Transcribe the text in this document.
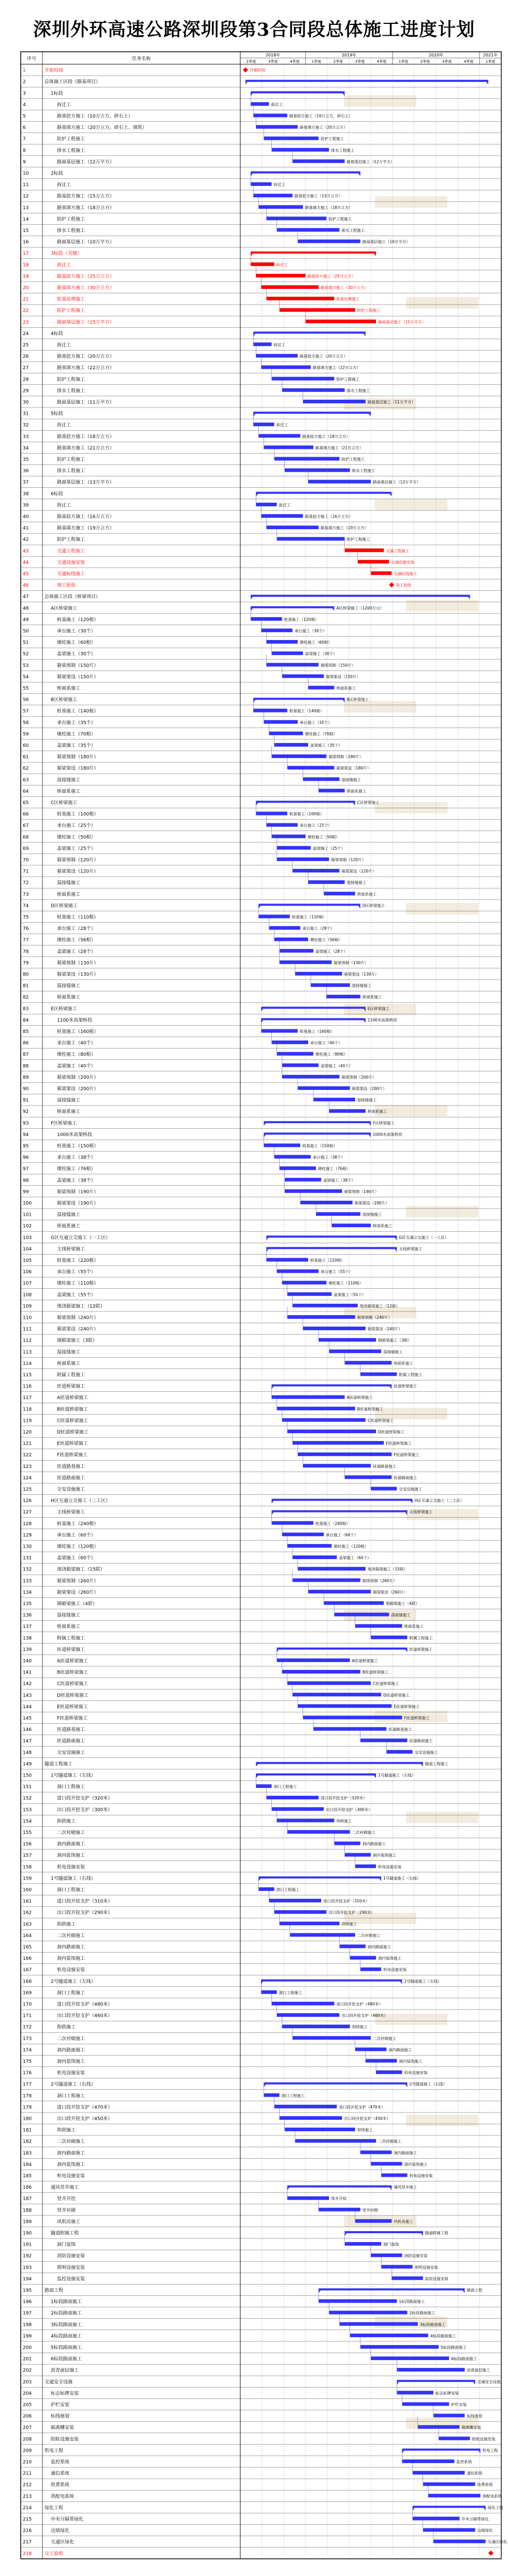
深圳外环高速公路深圳段第3合同段总体施工进度计划
序号	任务名称
2018年	2019年	2020年	2021年
2季度	3季度	4季度	1季度	2季度	3季度	4季度	1季度	2季度	3季度	4季度	1季度
1	开始时间	开始时间
2	总体施工区段（路基项目）
3	1标段
4	拆迁工	拆迁工
5	路基挖方施工（10万立方，碎石土）	路基挖方施工（10万立方，碎石土）
6	路基填方施工（20万立方，碎石土、填筑）	路基填方施工（20万立方）
7	防护工程施工	防护工程施工
8	排水工程施工	排水工程施工
9	路面基层施工（12万平方）	路面基层施工（12万平方）
10	2标段
11	拆迁工	拆迁工
12	路基挖方施工（15万立方）	路基挖方施工（15万立方）
13	路基填方施工（18万立方）	路基填方施工（18万立方）
14	防护工程施工	防护工程施工
15	排水工程施工	排水工程施工
16	路面基层施工（10万平方）	路面基层施工（10万平方）
17	3标段（关键）
18	拆迁工	拆迁工
19	路基挖方施工（25万立方）	路基挖方施工（25万立方）
20	路基填方施工（30万立方）	路基填方施工（30万立方）
21	软基处理施工	软基处理施工
22	防护工程施工	防护工程施工
23	路面基层施工（15万平方）	路面基层施工（15万平方）
24	4标段
25	拆迁工	拆迁工
26	路基挖方施工（20万立方）	路基挖方施工（20万立方）
27	路基填方施工（22万立方）	路基填方施工（22万立方）
28	防护工程施工	防护工程施工
29	排水工程施工	排水工程施工
30	路面基层施工（11万平方）	路面基层施工（11万平方）
31	5标段
32	拆迁工	拆迁工
33	路基挖方施工（18万立方）	路基挖方施工（18万立方）
34	路基填方施工（21万立方）	路基填方施工（21万立方）
35	防护工程施工	防护工程施工
36	排水工程施工	排水工程施工
37	路面基层施工（13万平方）	路面基层施工（13万平方）
38	6标段
39	拆迁工	拆迁工
40	路基挖方施工（16万立方）	路基挖方施工（16万立方）
41	路基填方施工（19万立方）	路基填方施工（19万立方）
42	防护工程施工	防护工程施工
43	交通工程施工	交通工程施工
44	交通设施安装	交通设施安装
45	交通标线施工	交通标线施工
46	竣工验收	竣工验收
47	总体施工区段（桥梁项目）
48	A区桥梁施工	A区桥梁施工（1200万元）
49	桩基施工（120根）	桩基施工（120根）
50	承台施工（30个）	承台施工（30个）
51	墩柱施工（60根）	墩柱施工（60根）
52	盖梁施工（30个）	盖梁施工（30个）
53	箱梁预制（150片）	箱梁预制（150片）
54	箱梁架设（150片）	箱梁架设（150片）
55	桥面系施工	桥面系施工
56	B区桥梁施工	B区桥梁施工
57	桩基施工（140根）	桩基施工（140根）
58	承台施工（35个）	承台施工（35个）
59	墩柱施工（70根）	墩柱施工（70根）
60	盖梁施工（35个）	盖梁施工（35个）
61	箱梁预制（180片）	箱梁预制（180片）
62	箱梁架设（180片）	箱梁架设（180片）
63	湿接缝施工	湿接缝施工
64	桥面系施工	桥面系施工
65	C区桥梁施工	C区桥梁施工
66	桩基施工（100根）	桩基施工（100根）
67	承台施工（25个）	承台施工（25个）
68	墩柱施工（50根）	墩柱施工（50根）
69	盖梁施工（25个）	盖梁施工（25个）
70	箱梁预制（120片）	箱梁预制（120片）
71	箱梁架设（120片）	箱梁架设（120片）
72	湿接缝施工	湿接缝施工
73	桥面系施工	桥面系施工
74	D区桥梁施工	D区桥梁施工
75	桩基施工（110根）	桩基施工（110根）
76	承台施工（28个）	承台施工（28个）
77	墩柱施工（56根）	墩柱施工（56根）
78	盖梁施工（28个）	盖梁施工（28个）
79	箱梁预制（130片）	箱梁预制（130片）
80	箱梁架设（130片）	箱梁架设（130片）
81	湿接缝施工	湿接缝施工
82	桥面系施工	桥面系施工
83	E区桥梁施工	E区桥梁施工
84	1100米高架桥段	1100米高架桥段
85	桩基施工（160根）	桩基施工（160根）
86	承台施工（40个）	承台施工（40个）
87	墩柱施工（80根）	墩柱施工（80根）
88	盖梁施工（40个）	盖梁施工（40个）
89	箱梁预制（200片）	箱梁预制（200片）
90	箱梁架设（200片）	箱梁架设（200片）
91	湿接缝施工	湿接缝施工
92	桥面系施工	桥面系施工
93	F区桥梁施工	F区桥梁施工
94	1000米高架桥段	1000米高架桥段
95	桩基施工（150根）	桩基施工（150根）
96	承台施工（38个）	承台施工（38个）
97	墩柱施工（76根）	墩柱施工（76根）
98	盖梁施工（38个）	盖梁施工（38个）
99	箱梁预制（190片）	箱梁预制（190片）
100	箱梁架设（190片）	箱梁架设（190片）
101	湿接缝施工	湿接缝施工
102	桥面系施工	桥面系施工
103	G区互通立交施工（一工区）	G区互通立交施工（一工区）
104	主线桥梁施工	主线桥梁施工
105	桩基施工（220根）	桩基施工（220根）
106	承台施工（55个）	承台施工（55个）
107	墩柱施工（110根）	墩柱施工（110根）
108	盖梁施工（55个）	盖梁施工（55个）
109	现浇箱梁施工（12联）	现浇箱梁施工（12联）
110	箱梁预制（240片）	箱梁预制（240片）
111	箱梁架设（240片）	箱梁架设（240片）
112	钢箱梁施工（3联）	钢箱梁施工（3联）
113	湿接缝施工	湿接缝施工
114	桥面系施工	桥面系施工
115	附属工程施工	附属工程施工
116	匝道桥梁施工	匝道桥梁施工
117	A匝道桥梁施工	A匝道桥梁施工
118	B匝道桥梁施工	B匝道桥梁施工
119	C匝道桥梁施工	C匝道桥梁施工
120	D匝道桥梁施工	D匝道桥梁施工
121	E匝道桥梁施工	E匝道桥梁施工
122	F匝道桥梁施工	F匝道桥梁施工
123	匝道路基施工	匝道路基施工
124	匝道路面施工	匝道路面施工
125	交安设施施工	交安设施施工
126	H区互通立交施工（二工区）	H区互通立交施工（二工区）
127	主线桥梁施工	主线桥梁施工
128	桩基施工（240根）	桩基施工（240根）
129	承台施工（60个）	承台施工（60个）
130	墩柱施工（120根）	墩柱施工（120根）
131	盖梁施工（60个）	盖梁施工（60个）
132	现浇箱梁施工（15联）	现浇箱梁施工（15联）
133	箱梁预制（260片）	箱梁预制（260片）
134	箱梁架设（260片）	箱梁架设（260片）
135	钢箱梁施工（4联）	钢箱梁施工（4联）
136	湿接缝施工	湿接缝施工
137	桥面系施工	桥面系施工
138	附属工程施工	附属工程施工
139	匝道桥梁施工	匝道桥梁施工
140	A匝道桥梁施工	A匝道桥梁施工
141	B匝道桥梁施工	B匝道桥梁施工
142	C匝道桥梁施工	C匝道桥梁施工
143	D匝道桥梁施工	D匝道桥梁施工
144	E匝道桥梁施工	E匝道桥梁施工
145	F匝道桥梁施工	F匝道桥梁施工
146	匝道路基施工	匝道路基施工
147	匝道路面施工	匝道路面施工
148	交安设施施工	交安设施施工
149	隧道工程施工	隧道工程施工
150	1号隧道施工（左线）	1号隧道施工（左线）
151	洞口工程施工	洞口工程施工
152	进口段开挖支护（320米）	进口段开挖支护（320米）
153	出口段开挖支护（300米）	出口段开挖支护（300米）
154	仰拱施工	仰拱施工
155	二次衬砌施工	二次衬砌施工
156	洞内路面施工	洞内路面施工
157	洞内装饰施工	洞内装饰施工
158	机电设施安装	机电设施安装
159	1号隧道施工（右线）	1号隧道施工（右线）
160	洞口工程施工	洞口工程施工
161	进口段开挖支护（310米）	进口段开挖支护（310米）
162	出口段开挖支护（290米）	出口段开挖支护（290米）
163	仰拱施工	仰拱施工
164	二次衬砌施工	二次衬砌施工
165	洞内路面施工	洞内路面施工
166	洞内装饰施工	洞内装饰施工
167	机电设施安装	机电设施安装
168	2号隧道施工（左线）	2号隧道施工（左线）
169	洞口工程施工	洞口工程施工
170	进口段开挖支护（480米）	进口段开挖支护（480米）
171	出口段开挖支护（460米）	出口段开挖支护（460米）
172	仰拱施工	仰拱施工
173	二次衬砌施工	二次衬砌施工
174	洞内路面施工	洞内路面施工
175	洞内装饰施工	洞内装饰施工
176	机电设施安装	机电设施安装
177	2号隧道施工（右线）	2号隧道施工（右线）
178	洞口工程施工	洞口工程施工
179	进口段开挖支护（470米）	进口段开挖支护（470米）
180	出口段开挖支护（450米）	出口段开挖支护（450米）
181	仰拱施工	仰拱施工
182	二次衬砌施工	二次衬砌施工
183	洞内路面施工	洞内路面施工
184	洞内装饰施工	洞内装饰施工
185	机电设施安装	机电设施安装
186	通风竖井施工	通风竖井施工
187	竖井开挖	竖井开挖
188	竖井衬砌	竖井衬砌
189	风机房施工	风机房施工
190	隧道附属工程	隧道附属工程
191	洞门装饰	洞门装饰
192	消防设施安装	消防设施安装
193	照明设施安装	照明设施安装
194	监控设施安装	监控设施安装
195	路面工程	路面工程
196	1标段路面施工	1标段路面施工
197	2标段路面施工	2标段路面施工
198	3标段路面施工	3标段路面施工
199	4标段路面施工	4标段路面施工
200	5标段路面施工	5标段路面施工
201	6标段路面施工	6标段路面施工
202	沥青面层施工	沥青面层施工
203	交通安全设施	交通安全设施
204	标志标牌安装	标志标牌安装
205	护栏安装	护栏安装
206	标线施划	标线施划
207	隔离栅安装	隔离栅安装
208	防眩设施安装	防眩设施安装
209	机电工程	机电工程
210	监控系统	监控系统
211	通信系统	通信系统
212	收费系统	收费系统
213	供配电系统	供配电系统
214	绿化工程	绿化工程
215	中央分隔带绿化	中央分隔带绿化
216	边坡绿化	边坡绿化
217	互通区绿化	互通区绿化
218	交工验收
